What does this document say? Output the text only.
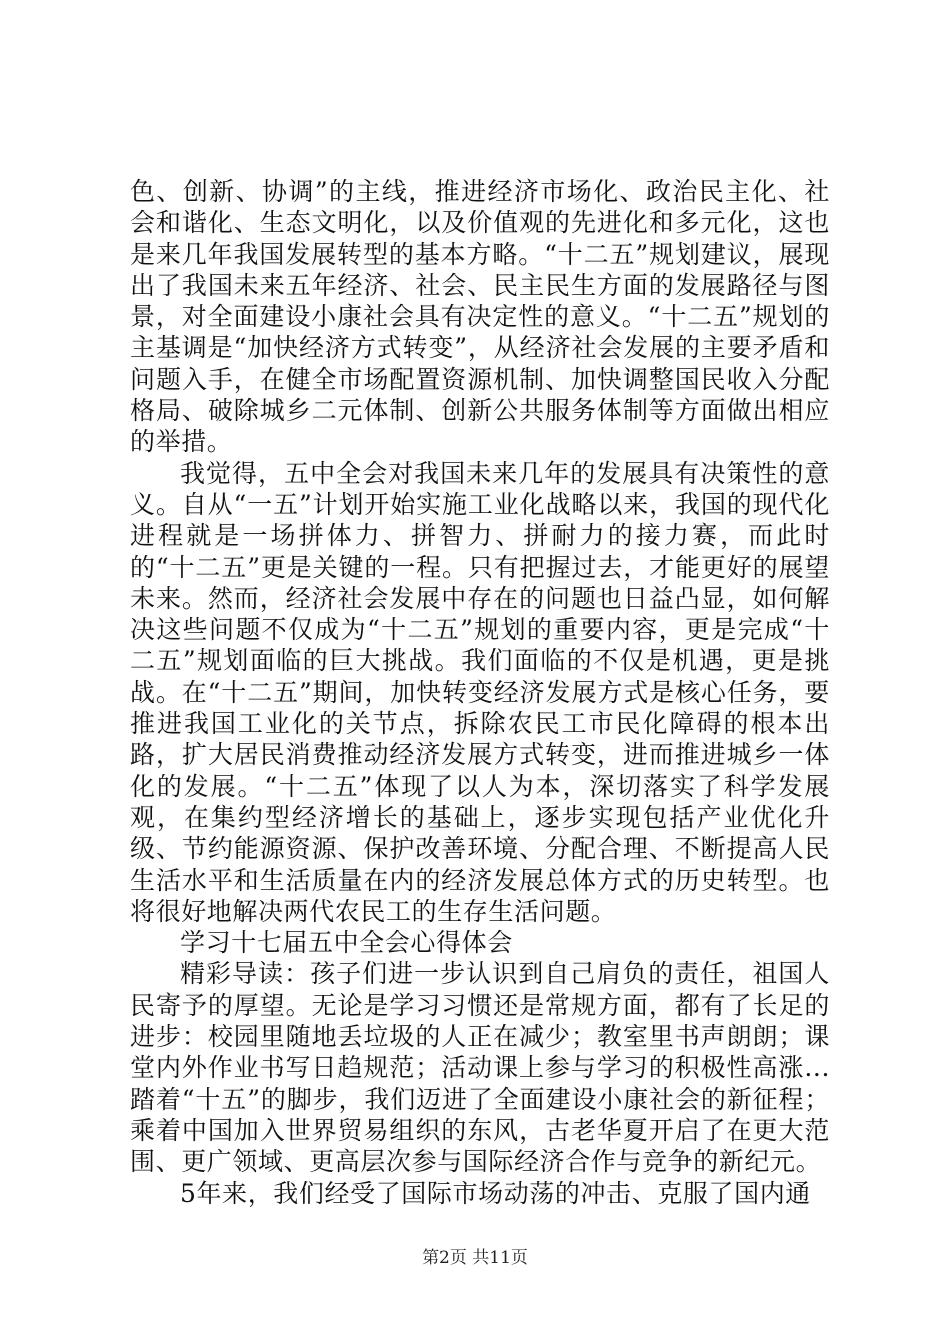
色、创新、协调”的主线，推进经济市场化、政治民主化、社会和谐化、生态文明化，以及价值观的先进化和多元化，这也是来几年我国发展转型的基本方略。“十二五”规划建议，展现出了我国未来五年经济、社会、民主民生方面的发展路径与图景，对全面建设小康社会具有决定性的意义。“十二五”规划的主基调是“加快经济方式转变”，从经济社会发展的主要矛盾和问题入手，在健全市场配置资源机制、加快调整国民收入分配格局、破除城乡二元体制、创新公共服务体制等方面做出相应的举措。

我觉得，五中全会对我国未来几年的发展具有决策性的意义。自从“一五”计划开始实施工业化战略以来，我国的现代化进程就是一场拼体力、拼智力、拼耐力的接力赛，而此时的“十二五”更是关键的一程。只有把握过去，才能更好的展望未来。然而，经济社会发展中存在的问题也日益凸显，如何解决这些问题不仅成为“十二五”规划的重要内容，更是完成“十二五”规划面临的巨大挑战。我们面临的不仅是机遇，更是挑战。在“十二五”期间，加快转变经济发展方式是核心任务，要推进我国工业化的关节点，拆除农民工市民化障碍的根本出路，扩大居民消费推动经济发展方式转变，进而推进城乡一体化的发展。“十二五”体现了以人为本，深切落实了科学发展观，在集约型经济增长的基础上，逐步实现包括产业优化升级、节约能源资源、保护改善环境、分配合理、不断提高人民生活水平和生活质量在内的经济发展总体方式的历史转型。也将很好地解决两代农民工的生存生活问题。

学习十七届五中全会心得体会

精彩导读：孩子们进一步认识到自己肩负的责任，祖国人民寄予的厚望。无论是学习习惯还是常规方面，都有了长足的进步：校园里随地丢垃圾的人正在减少；教室里书声朗朗；课堂内外作业书写日趋规范；活动课上参与学习的积极性高涨...踏着“十五”的脚步，我们迈进了全面建设小康社会的新征程；乘着中国加入世界贸易组织的东风，古老华夏开启了在更大范围、更广领域、更高层次参与国际经济合作与竞争的新纪元。

5年来，我们经受了国际市场动荡的冲击、克服了国内通

第2页 共11页
